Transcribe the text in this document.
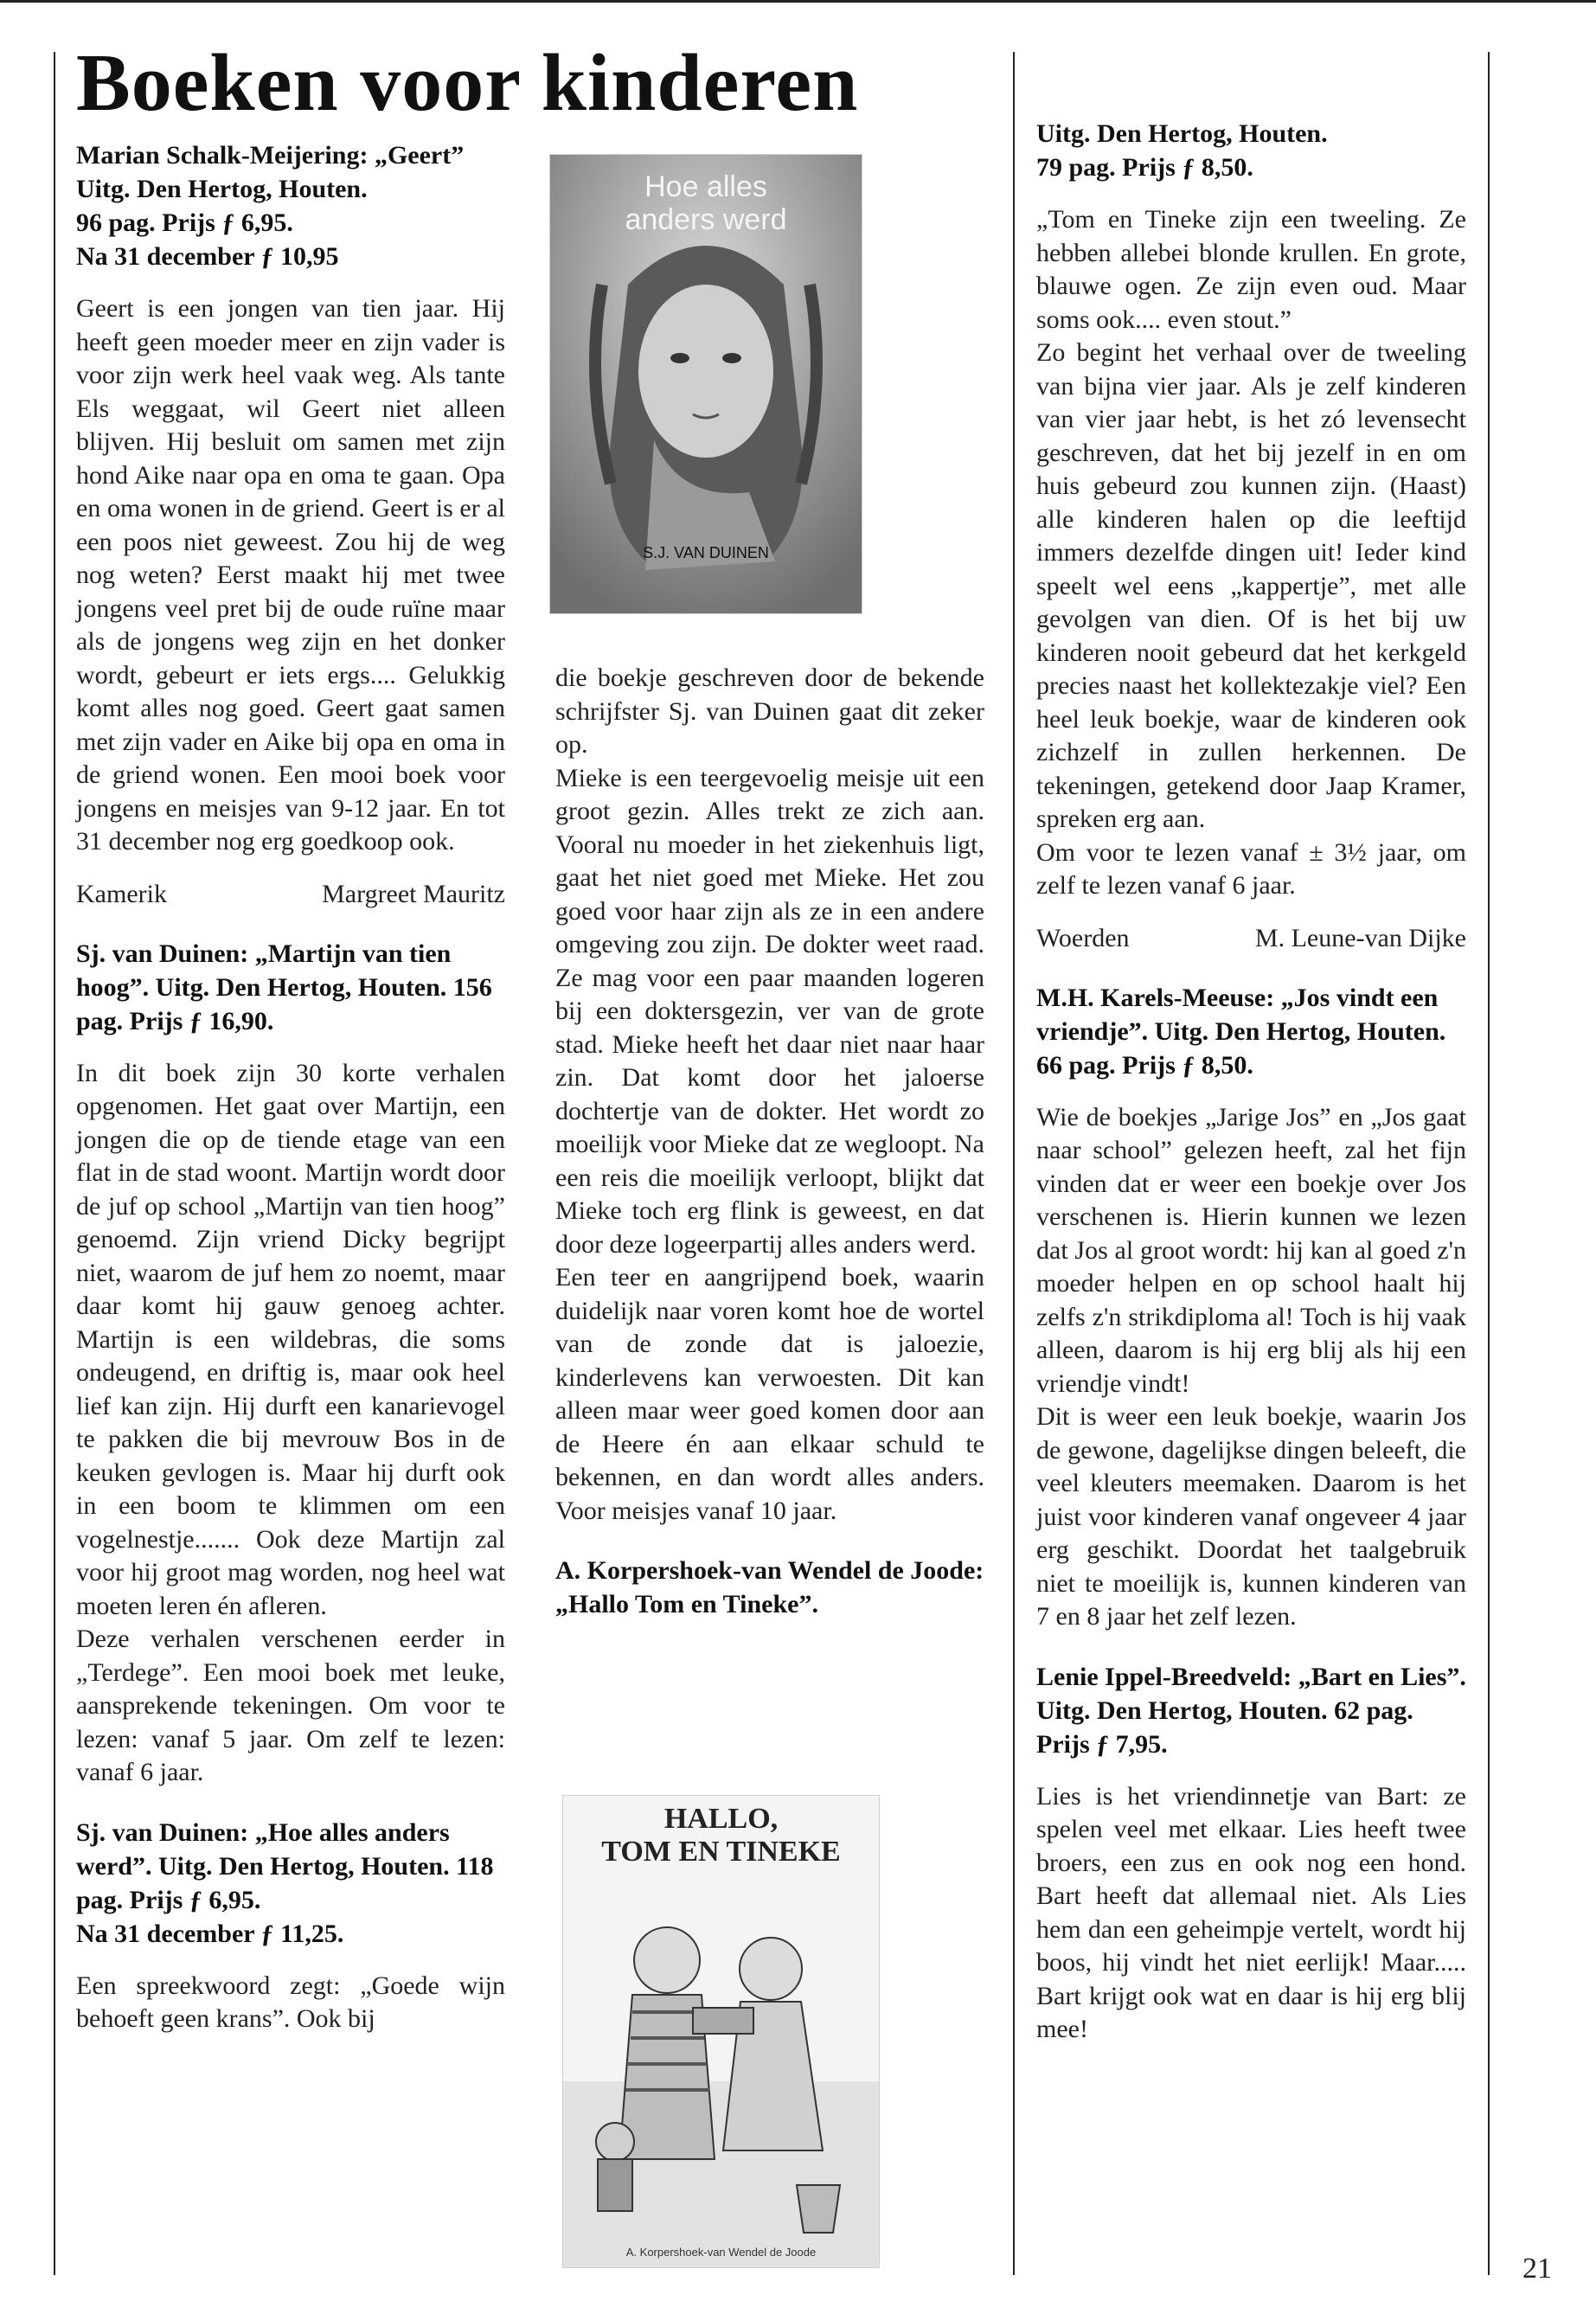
Boeken voor kinderen

Marian Schalk-Meijering: „Geert”

Uitg. Den Hertog, Houten.

96 pag. Prijs ƒ 6,95.

Na 31 december ƒ 10,95

Geert is een jongen van tien jaar. Hij heeft geen moeder meer en zijn vader is voor zijn werk heel vaak weg. Als tante Els weggaat, wil Geert niet alleen blijven. Hij besluit om samen met zijn hond Aike naar opa en oma te gaan. Opa en oma wonen in de griend. Geert is er al een poos niet geweest. Zou hij de weg nog weten? Eerst maakt hij met twee jongens veel pret bij de oude ruïne maar als de jongens weg zijn en het donker wordt, gebeurt er iets ergs.... Gelukkig komt alles nog goed. Geert gaat samen met zijn vader en Aike bij opa en oma in de griend wonen. Een mooi boek voor jongens en meisjes van 9-12 jaar. En tot 31 december nog erg goedkoop ook.

Kamerik	Margreet Mauritz

Sj. van Duinen: „Martijn van tien hoog”. Uitg. Den Hertog, Houten. 156 pag. Prijs ƒ 16,90.

In dit boek zijn 30 korte verhalen opgenomen. Het gaat over Martijn, een jongen die op de tiende etage van een flat in de stad woont. Martijn wordt door de juf op school „Martijn van tien hoog” genoemd. Zijn vriend Dicky begrijpt niet, waarom de juf hem zo noemt, maar daar komt hij gauw genoeg achter. Martijn is een wildebras, die soms ondeugend, en driftig is, maar ook heel lief kan zijn. Hij durft een kanarievogel te pakken die bij mevrouw Bos in de keuken gevlogen is. Maar hij durft ook in een boom te klimmen om een vogelnestje....... Ook deze Martijn zal voor hij groot mag worden, nog heel wat moeten leren én afleren.

Deze verhalen verschenen eerder in „Terdege”. Een mooi boek met leuke, aansprekende tekeningen. Om voor te lezen: vanaf 5 jaar. Om zelf te lezen: vanaf 6 jaar.

Sj. van Duinen: „Hoe alles anders werd”. Uitg. Den Hertog, Houten. 118 pag. Prijs ƒ 6,95.

Na 31 december ƒ 11,25.

Een spreekwoord zegt: „Goede wijn behoeft geen krans”. Ook bij

Hoe alles
anders werd
S.J. VAN DUINEN

die boekje geschreven door de bekende schrijfster Sj. van Duinen gaat dit zeker op.

Mieke is een teergevoelig meisje uit een groot gezin. Alles trekt ze zich aan. Vooral nu moeder in het ziekenhuis ligt, gaat het niet goed met Mieke. Het zou goed voor haar zijn als ze in een andere omgeving zou zijn. De dokter weet raad. Ze mag voor een paar maanden logeren bij een doktersgezin, ver van de grote stad. Mieke heeft het daar niet naar haar zin. Dat komt door het jaloerse dochtertje van de dokter. Het wordt zo moeilijk voor Mieke dat ze wegloopt. Na een reis die moeilijk verloopt, blijkt dat Mieke toch erg flink is geweest, en dat door deze logeerpartij alles anders werd.

Een teer en aangrijpend boek, waarin duidelijk naar voren komt hoe de wortel van de zonde dat is jaloezie, kinderlevens kan verwoesten. Dit kan alleen maar weer goed komen door aan de Heere én aan elkaar schuld te bekennen, en dan wordt alles anders. Voor meisjes vanaf 10 jaar.

A. Korpershoek-van Wendel de Joode: „Hallo Tom en Tineke”.

HALLO,
TOM EN TINEKE
A. Korpershoek-van Wendel de Joode

Uitg. Den Hertog, Houten.

79 pag. Prijs ƒ 8,50.

„Tom en Tineke zijn een tweeling. Ze hebben allebei blonde krullen. En grote, blauwe ogen. Ze zijn even oud. Maar soms ook.... even stout.”

Zo begint het verhaal over de tweeling van bijna vier jaar. Als je zelf kinderen van vier jaar hebt, is het zó levensecht geschreven, dat het bij jezelf in en om huis gebeurd zou kunnen zijn. (Haast) alle kinderen halen op die leeftijd immers dezelfde dingen uit! Ieder kind speelt wel eens „kappertje”, met alle gevolgen van dien. Of is het bij uw kinderen nooit gebeurd dat het kerkgeld precies naast het kollektezakje viel? Een heel leuk boekje, waar de kinderen ook zichzelf in zullen herkennen. De tekeningen, getekend door Jaap Kramer, spreken erg aan.

Om voor te lezen vanaf ± 3½ jaar, om zelf te lezen vanaf 6 jaar.

Woerden	M. Leune-van Dijke

M.H. Karels-Meeuse: „Jos vindt een vriendje”. Uitg. Den Hertog, Houten. 66 pag. Prijs ƒ 8,50.

Wie de boekjes „Jarige Jos” en „Jos gaat naar school” gelezen heeft, zal het fijn vinden dat er weer een boekje over Jos verschenen is. Hierin kunnen we lezen dat Jos al groot wordt: hij kan al goed z'n moeder helpen en op school haalt hij zelfs z'n strikdiploma al! Toch is hij vaak alleen, daarom is hij erg blij als hij een vriendje vindt!

Dit is weer een leuk boekje, waarin Jos de gewone, dagelijkse dingen beleeft, die veel kleuters meemaken. Daarom is het juist voor kinderen vanaf ongeveer 4 jaar erg geschikt. Doordat het taalgebruik niet te moeilijk is, kunnen kinderen van 7 en 8 jaar het zelf lezen.

Lenie Ippel-Breedveld: „Bart en Lies”. Uitg. Den Hertog, Houten. 62 pag. Prijs ƒ 7,95.

Lies is het vriendinnetje van Bart: ze spelen veel met elkaar. Lies heeft twee broers, een zus en ook nog een hond. Bart heeft dat allemaal niet. Als Lies hem dan een geheimpje vertelt, wordt hij boos, hij vindt het niet eerlijk! Maar..... Bart krijgt ook wat en daar is hij erg blij mee!

21
